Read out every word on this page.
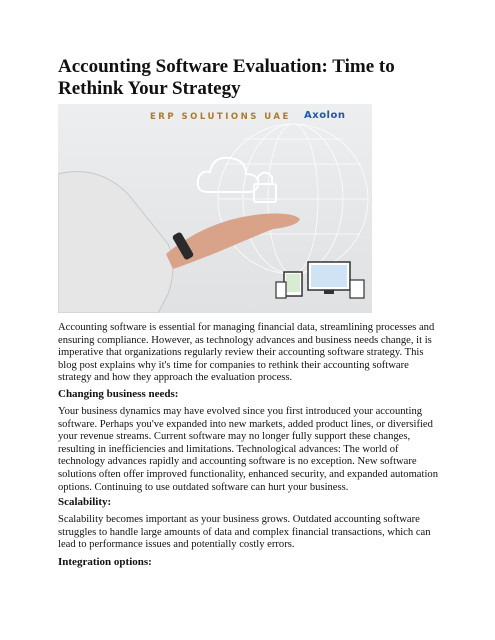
Accounting Software Evaluation: Time to Rethink Your Strategy
ERP SOLUTIONS UAE Axolon

Accounting software is essential for managing financial data, streamlining processes and ensuring compliance. However, as technology advances and business needs change, it is imperative that organizations regularly review their accounting software strategy. This blog post explains why it's time for companies to rethink their accounting software strategy and how they approach the evaluation process.

Changing business needs:

Your business dynamics may have evolved since you first introduced your accounting software. Perhaps you've expanded into new markets, added product lines, or diversified your revenue streams. Current software may no longer fully support these changes, resulting in inefficiencies and limitations. Technological advances: The world of technology advances rapidly and accounting software is no exception. New software solutions often offer improved functionality, enhanced security, and expanded automation options. Continuing to use outdated software can hurt your business.

Scalability:

Scalability becomes important as your business grows. Outdated accounting software struggles to handle large amounts of data and complex financial transactions, which can lead to performance issues and potentially costly errors.

Integration options:
